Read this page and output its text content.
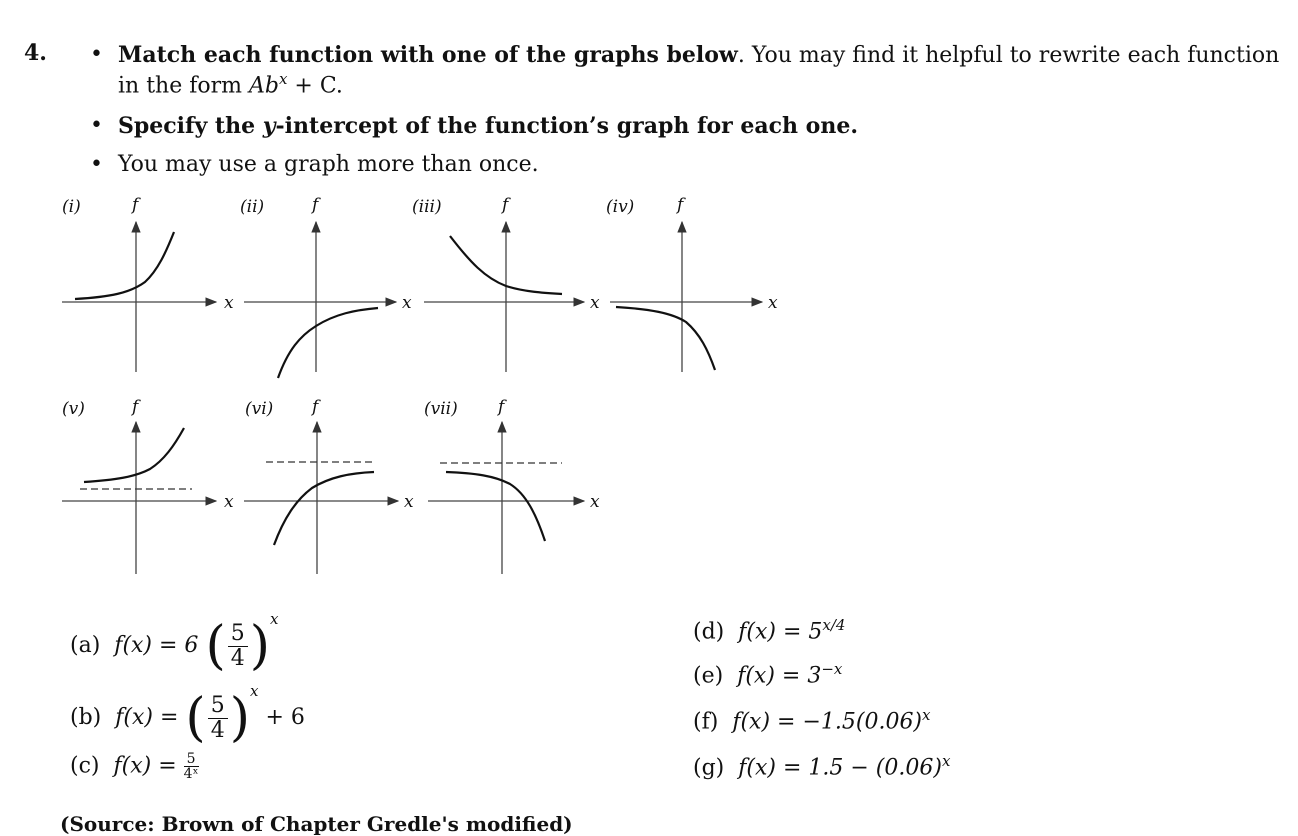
4. • Match each function with one of the graphs below. You may find it helpful to rewrite each function
in the form $Ab^x + C$.
• Specify the y-intercept of the function’s graph for each one.
• You may use a graph more than once.
(i)	f
x
(ii)	f
x
(iii)	f
x
(iv)	f
x
(v)	f
x
(vi) f
x
(vii) f
x
(a) f(x) = 6 ( $\frac{5}{4} )^x$
(b) f(x) = ( $\frac{5}{4} )^x + 6$
(c) $f(x) = \frac{5}{\text{4ˣ}}$
(d) $f(x) = 5^{x/4}$
(e) $f(x) = 3^{-x}$
(f) $f(x) = -1.5(0.06)^x$
(g) $f(x) = 1.5 - (0.06)^x$
(Source: Brown of Chapter Gredle's modified)
